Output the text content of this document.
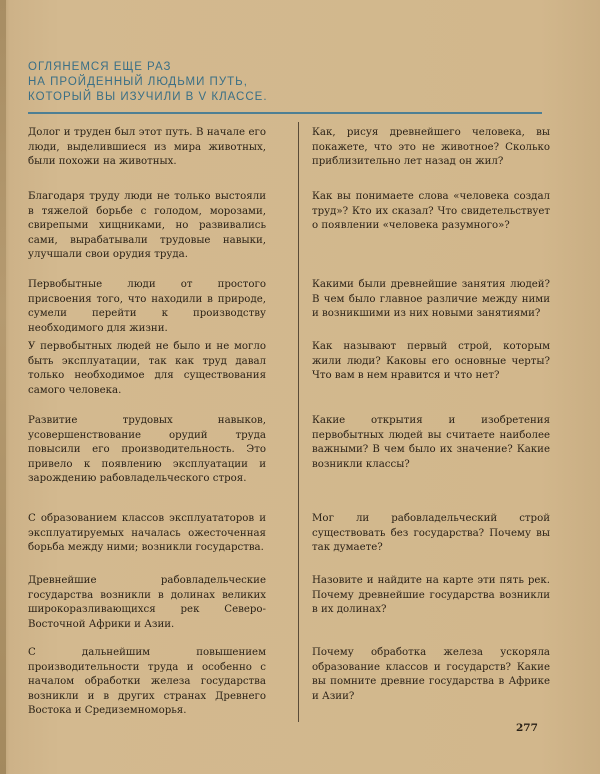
ОГЛЯНЕМСЯ ЕЩЕ РАЗ
НА ПРОЙДЕННЫЙ ЛЮДЬМИ ПУТЬ,
КОТОРЫЙ ВЫ ИЗУЧИЛИ В V КЛАССЕ.
Долог и труден был этот путь. В начале его люди, выделившиеся из мира животных, были похожи на животных.
Как, рисуя древнейшего человека, вы покажете, что это не животное? Сколько приблизительно лет назад он жил?
Благодаря труду люди не только выстояли в тяжелой борьбе с голодом, морозами, свирепыми хищниками, но развивались сами, вырабатывали трудовые навыки, улучшали свои орудия труда.
Как вы понимаете слова «человека создал труд»? Кто их сказал? Что свидетельствует о появлении «человека разумного»?
Первобытные люди от простого присвоения того, что находили в природе, сумели перейти к производству необходимого для жизни.
Какими были древнейшие занятия людей? В чем было главное различие между ними и возникшими из них новыми занятиями?
У первобытных людей не было и не могло быть эксплуатации, так как труд давал только необходимое для существования самого человека.
Как называют первый строй, которым жили люди? Каковы его основные черты? Что вам в нем нравится и что нет?
Развитие трудовых навыков, усовершенствование орудий труда повысили его производительность. Это привело к появлению эксплуатации и зарождению рабовладельческого строя.
Какие открытия и изобретения первобытных людей вы считаете наиболее важными? В чем было их значение? Какие возникли классы?
С образованием классов эксплуататоров и эксплуатируемых началась ожесточенная борьба между ними; возникли государства.
Мог ли рабовладельческий строй существовать без государства? Почему вы так думаете?
Древнейшие рабовладельческие государства возникли в долинах великих широкоразливающихся рек Северо-Восточной Африки и Азии.
Назовите и найдите на карте эти пять рек. Почему древнейшие государства возникли в их долинах?
С дальнейшим повышением производительности труда и особенно с началом обработки железа государства возникли и в других странах Древнего Востока и Средиземноморья.
Почему обработка железа ускоряла образование классов и государств? Какие вы помните древние государства в Африке и Азии?
277
